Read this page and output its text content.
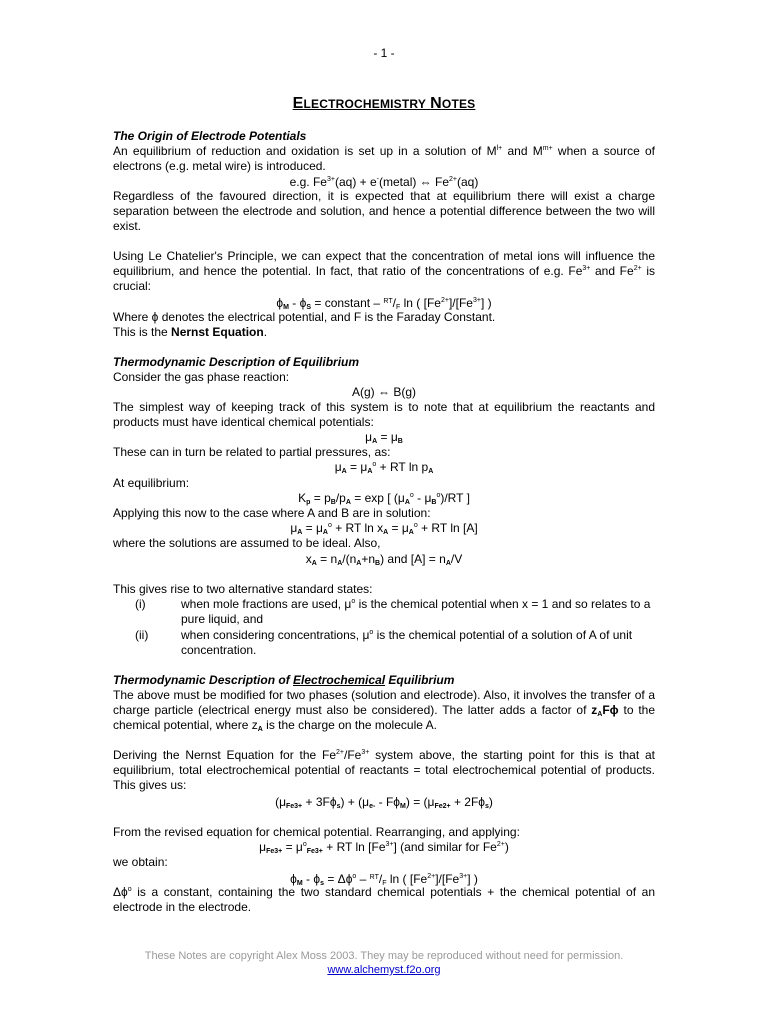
- 1 -
ELECTROCHEMISTRY NOTES
The Origin of Electrode Potentials
An equilibrium of reduction and oxidation is set up in a solution of $M^{l+}$ and $M^{m+}$ when a source of electrons (e.g. metal wire) is introduced.
e.g. $Fe^{3+}(aq)$ + e-(metal) ⇔ $Fe^{2+}(aq)$
Regardless of the favoured direction, it is expected that at equilibrium there will exist a charge separation between the electrode and solution, and hence a potential difference between the two will exist.
Using Le Chatelier's Principle, we can expect that the concentration of metal ions will influence the equilibrium, and hence the potential. In fact, that ratio of the concentrations of e.g. $Fe^{3+}$ and $Fe^{2+}$ is crucial:
$\phi_M - \phi_S$ = constant – $^{RT}$/F ln ( $[Fe^{2+}]/[Fe^{3+}]$ )
Where ϕ denotes the electrical potential, and F is the Faraday Constant.
This is the Nernst Equation.
Thermodynamic Description of Equilibrium
Consider the gas phase reaction:
A(g) ⇔ B(g)
The simplest way of keeping track of this system is to note that at equilibrium the reactants and products must have identical chemical potentials:
$\mu_A = \mu_B$
These can in turn be related to partial pressures, as:
$\mu_A = \mu_A^o$ + RT $\ln p_A$
At equilibrium:
$K_p = p_B/p_A = \exp$ [ $(\mu_A^o - \mu_B^o)/RT$ ]
Applying this now to the case where A and B are in solution:
$\mu_A = \mu_A^o$ + RT $\ln x_A = \mu_A^o$ + RT ln [A]
where the solutions are assumed to be ideal. Also,
$x_A = n_A/(n_A+n_B)$ and $[A] = n_A/V$
This gives rise to two alternative standard states:
(i)	when mole fractions are used, $\mu^o$ is the chemical potential when x = 1 and so relates to a pure liquid, and
(ii)	when considering concentrations, $\mu^o$ is the chemical potential of a solution of A of unit concentration.
Thermodynamic Description of Electrochemical Equilibrium
The above must be modified for two phases (solution and electrode). Also, it involves the transfer of a charge particle (electrical energy must also be considered). The latter adds a factor of $z_AF\phi$ to the chemical potential, where $z_A$ is the charge on the molecule A.
Deriving the Nernst Equation for the $Fe^{2+}/Fe^{3+}$ system above, the starting point for this is that at equilibrium, total electrochemical potential of reactants = total electrochemical potential of products. This gives us:
$(\mu_{Fe3+} + 3F\phi_s) + (\mu_{e-} - F\phi_M) = (\mu_{Fe2+} + 2F\phi_s)$
From the revised equation for chemical potential. Rearranging, and applying:
$\mu_{Fe3+} = \mu^o_{Fe3+}$ + RT $\ln [Fe^{3+}]$ (and similar for $Fe^{2+}$)
we obtain:
$\phi_M - \phi_s = \Delta\phi^o - ^{RT}/F$ ln ( $[Fe^{2+}]/[Fe^{3+}]$ )
$\Delta\phi^o$ is a constant, containing the two standard chemical potentials + the chemical potential of an electrode in the electrode.
These Notes are copyright Alex Moss 2003. They may be reproduced without need for permission.
www.alchemyst.f2o.org
